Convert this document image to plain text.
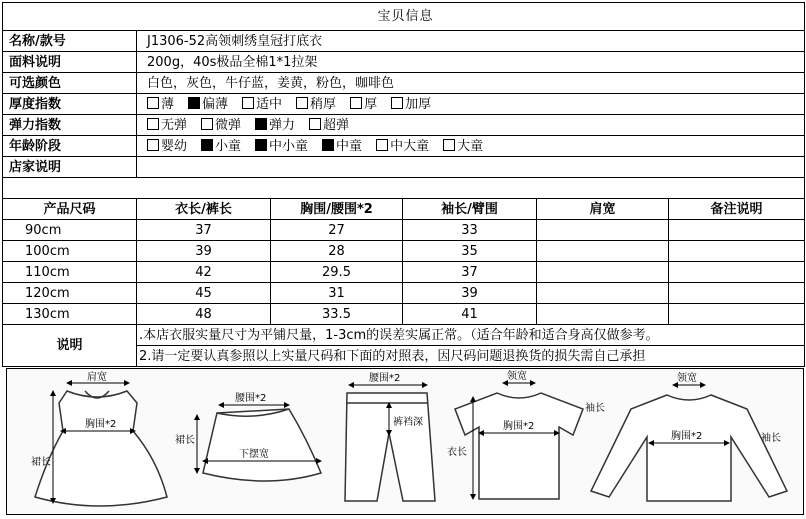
宝贝信息					
名称/款号	J1306-52高领刺绣皇冠打底衣				
面料说明	200g，40s极品全棉1*1拉架				
可选颜色	白色，灰色，牛仔蓝，姜黄，粉色，咖啡色				
厚度指数	薄 偏薄 适中 稍厚 厚 加厚				
弹力指数	无弹 微弹 弹力 超弹				
年龄阶段	婴幼 小童 中小童 中童 中大童 大童				
店家说明					

产品尺码	衣长/裤长	胸围/腰围*2	袖长/臂围	肩宽	备注说明
90cm	37	27	33		
100cm	39	28	35		
110cm	42	29.5	37		
120cm	45	31	39		
130cm	48	33.5	41		
说明	.本店衣服实量尺寸为平铺尺量，1-3cm的误差实属正常。（适合年龄和适合身高仅做参考。				
	2.请一定要认真参照以上实量尺码和下面的对照表，因尺码问题退换货的损失需自己承担				
肩宽
胸围*2
裙长
腰围*2
下摆宽
裙长
腰围*2
裤裆深
领宽
胸围*2
袖长
衣长
领宽
胸围*2	袖长
